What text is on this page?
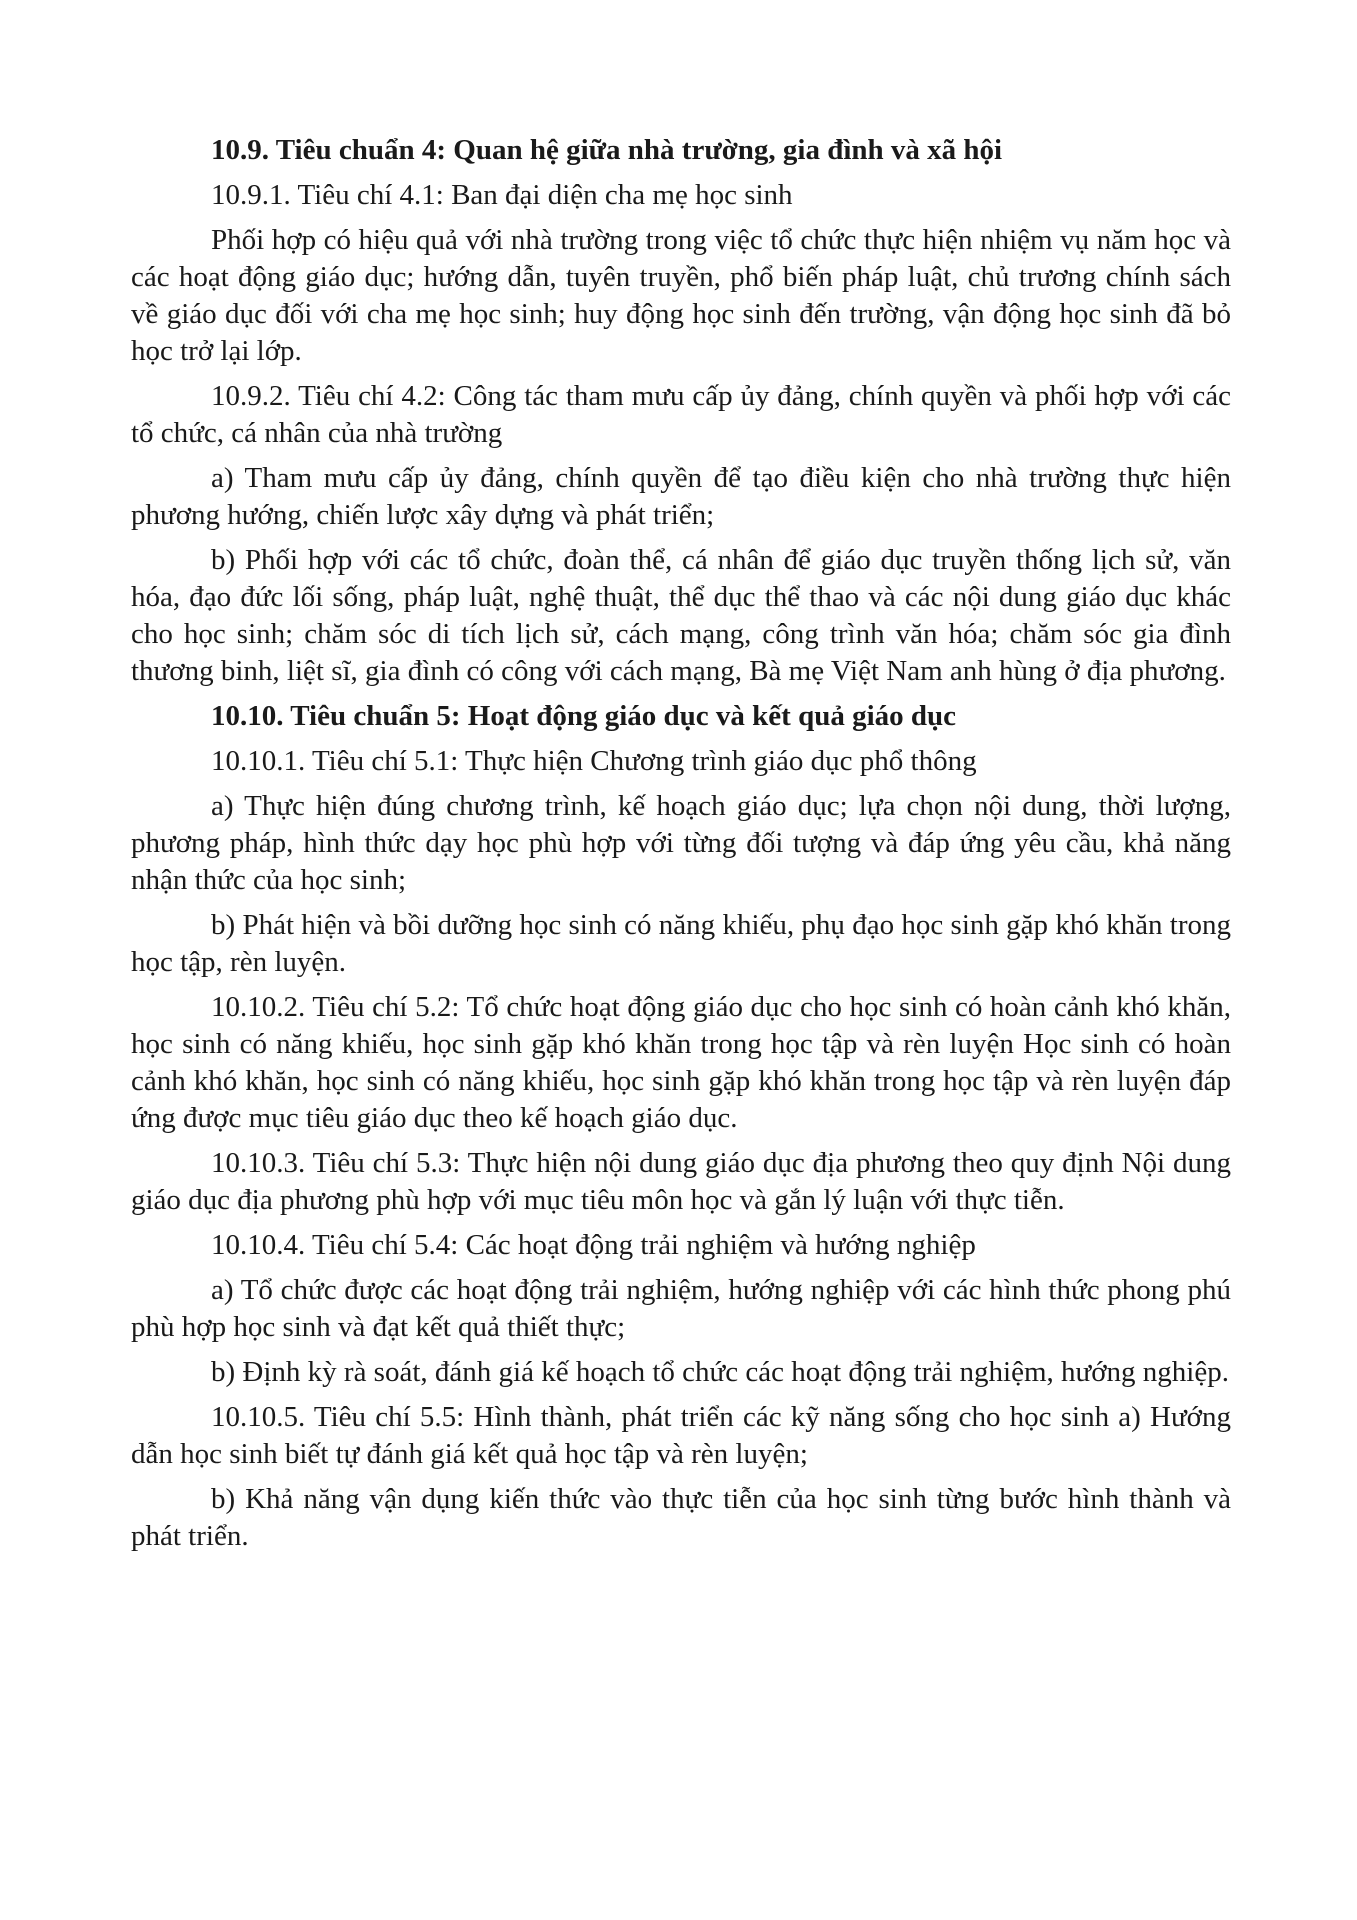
10.9. Tiêu chuẩn 4: Quan hệ giữa nhà trường, gia đình và xã hội
10.9.1. Tiêu chí 4.1: Ban đại diện cha mẹ học sinh
Phối hợp có hiệu quả với nhà trường trong việc tổ chức thực hiện nhiệm vụ năm học và các hoạt động giáo dục; hướng dẫn, tuyên truyền, phổ biến pháp luật, chủ trương chính sách về giáo dục đối với cha mẹ học sinh; huy động học sinh đến trường, vận động học sinh đã bỏ học trở lại lớp.
10.9.2. Tiêu chí 4.2: Công tác tham mưu cấp ủy đảng, chính quyền và phối hợp với các tổ chức, cá nhân của nhà trường
a) Tham mưu cấp ủy đảng, chính quyền để tạo điều kiện cho nhà trường thực hiện phương hướng, chiến lược xây dựng và phát triển;
b) Phối hợp với các tổ chức, đoàn thể, cá nhân để giáo dục truyền thống lịch sử, văn hóa, đạo đức lối sống, pháp luật, nghệ thuật, thể dục thể thao và các nội dung giáo dục khác cho học sinh; chăm sóc di tích lịch sử, cách mạng, công trình văn hóa; chăm sóc gia đình thương binh, liệt sĩ, gia đình có công với cách mạng, Bà mẹ Việt Nam anh hùng ở địa phương.
10.10. Tiêu chuẩn 5: Hoạt động giáo dục và kết quả giáo dục
10.10.1. Tiêu chí 5.1: Thực hiện Chương trình giáo dục phổ thông
a) Thực hiện đúng chương trình, kế hoạch giáo dục; lựa chọn nội dung, thời lượng, phương pháp, hình thức dạy học phù hợp với từng đối tượng và đáp ứng yêu cầu, khả năng nhận thức của học sinh;
b) Phát hiện và bồi dưỡng học sinh có năng khiếu, phụ đạo học sinh gặp khó khăn trong học tập, rèn luyện.
10.10.2. Tiêu chí 5.2: Tổ chức hoạt động giáo dục cho học sinh có hoàn cảnh khó khăn, học sinh có năng khiếu, học sinh gặp khó khăn trong học tập và rèn luyện Học sinh có hoàn cảnh khó khăn, học sinh có năng khiếu, học sinh gặp khó khăn trong học tập và rèn luyện đáp ứng được mục tiêu giáo dục theo kế hoạch giáo dục.
10.10.3. Tiêu chí 5.3: Thực hiện nội dung giáo dục địa phương theo quy định Nội dung giáo dục địa phương phù hợp với mục tiêu môn học và gắn lý luận với thực tiễn.
10.10.4. Tiêu chí 5.4: Các hoạt động trải nghiệm và hướng nghiệp
a) Tổ chức được các hoạt động trải nghiệm, hướng nghiệp với các hình thức phong phú phù hợp học sinh và đạt kết quả thiết thực;
b) Định kỳ rà soát, đánh giá kế hoạch tổ chức các hoạt động trải nghiệm, hướng nghiệp.
10.10.5. Tiêu chí 5.5: Hình thành, phát triển các kỹ năng sống cho học sinh a) Hướng dẫn học sinh biết tự đánh giá kết quả học tập và rèn luyện;
b) Khả năng vận dụng kiến thức vào thực tiễn của học sinh từng bước hình thành và phát triển.
